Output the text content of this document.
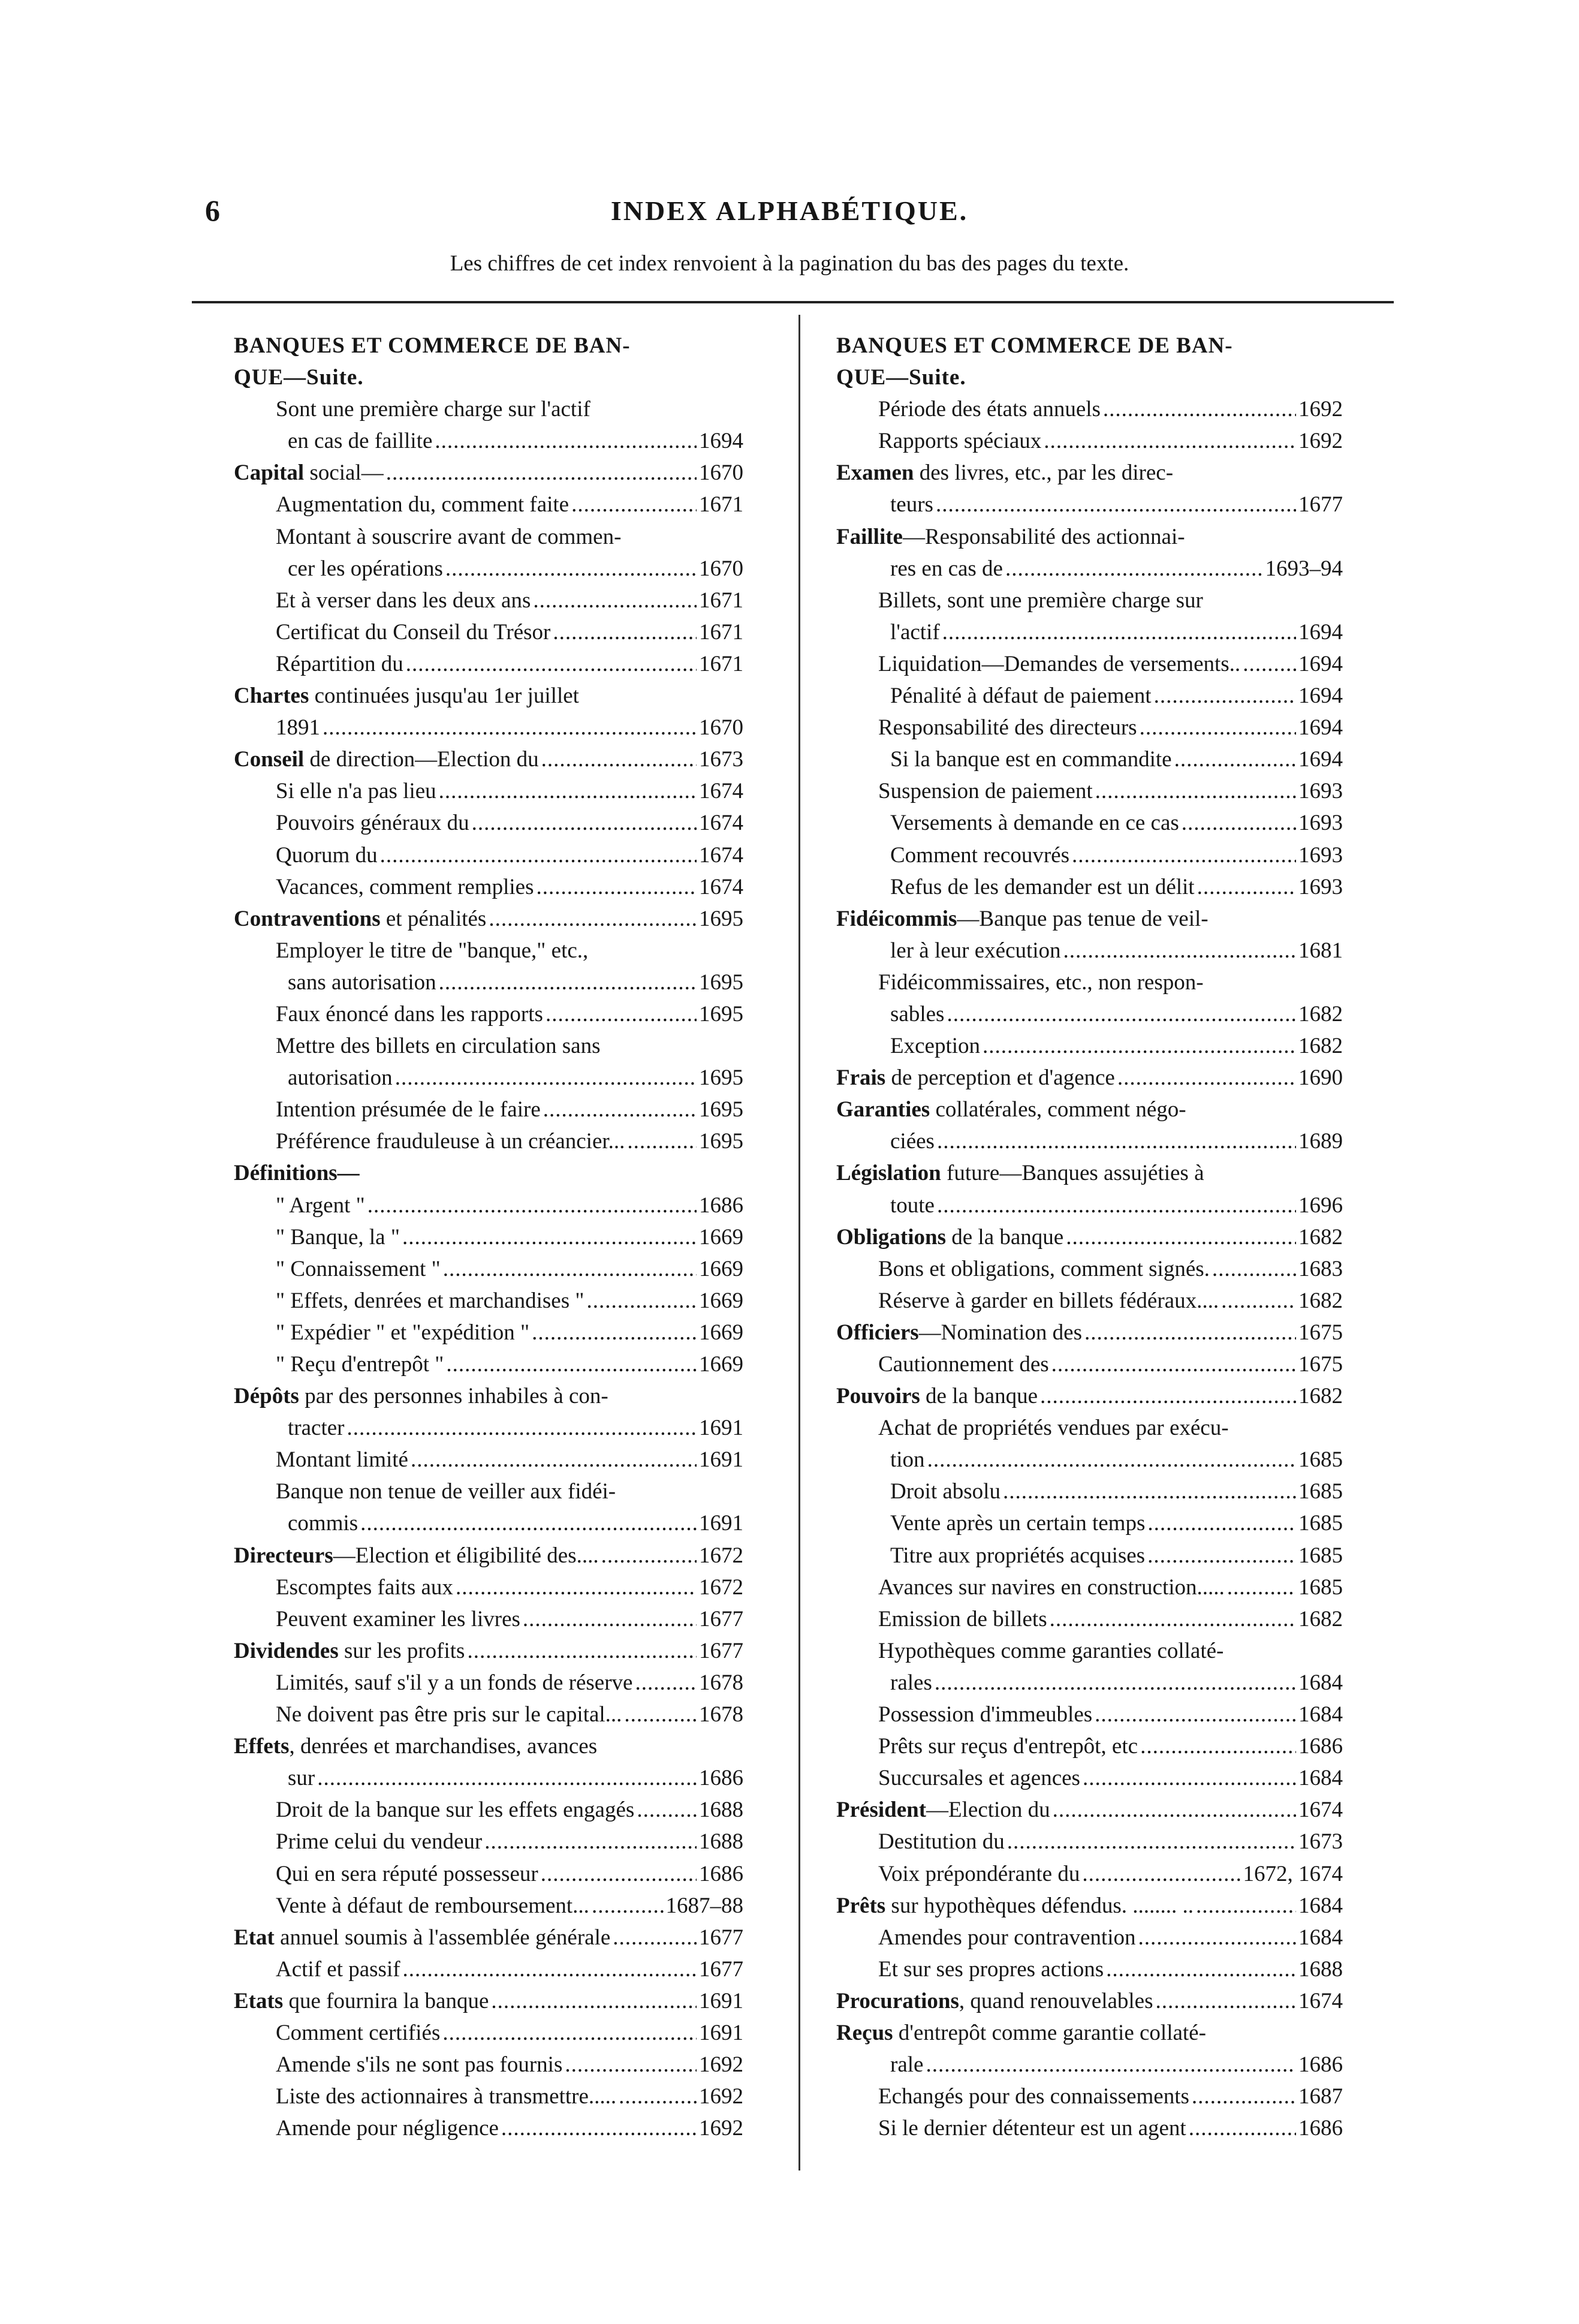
6	INDEX ALPHABÉTIQUE.
Les chiffres de cet index renvoient à la pagination du bas des pages du texte.
BANQUES ET COMMERCE DE BAN-
QUE—Suite.
Sont une première charge sur l'actif
en cas de faillite .....	1694
Capital social— .....	1670
Augmentation du, comment faite .....	1671
Montant à souscrire avant de commen-
cer les opérations .....	1670
Et à verser dans les deux ans .....	1671
Certificat du Conseil du Trésor .....	1671
Répartition du .....	1671
Chartes continuées jusqu'au 1er juillet
1891 .....	1670
Conseil de direction—Election du .....	1673
Si elle n'a pas lieu .....	1674
Pouvoirs généraux du .....	1674
Quorum du .....	1674
Vacances, comment remplies .....	1674
Contraventions et pénalités .....	1695
Employer le titre de "banque," etc.,
sans autorisation .....	1695
Faux énoncé dans les rapports .....	1695
Mettre des billets en circulation sans
autorisation .....	1695
Intention présumée de le faire .....	1695
Préférence frauduleuse à un créancier... .....	1695
Définitions—
" Argent " .....	1686
" Banque, la " .....	1669
" Connaissement " .....	1669
" Effets, denrées et marchandises " .....	1669
" Expédier " et "expédition " .....	1669
" Reçu d'entrepôt " .....	1669
Dépôts par des personnes inhabiles à con-
tracter .....	1691
Montant limité .....	1691
Banque non tenue de veiller aux fidéi-
commis .....	1691
Directeurs —Election et éligibilité des.... .....	1672
Escomptes faits aux .....	1672
Peuvent examiner les livres .....	1677
Dividendes sur les profits .....	1677
Limités, sauf s'il y a un fonds de réserve .....	1678
Ne doivent pas être pris sur le capital... .....	1678
Effets , denrées et marchandises, avances
sur .....	1686
Droit de la banque sur les effets engagés .....	1688
Prime celui du vendeur .....	1688
Qui en sera réputé possesseur .....	1686
Vente à défaut de remboursement... .....	1687–88
Etat annuel soumis à l'assemblée générale .....	1677
Actif et passif .....	1677
Etats que fournira la banque .....	1691
Comment certifiés .....	1691
Amende s'ils ne sont pas fournis .....	1692
Liste des actionnaires à transmettre..... .....	1692
Amende pour négligence .....	1692
BANQUES ET COMMERCE DE BAN-
QUE—Suite.
Période des états annuels .....	1692
Rapports spéciaux .....	1692
Examen des livres, etc., par les direc-
teurs .....	1677
Faillite —Responsabilité des actionnai-
res en cas de .....	1693–94
Billets, sont une première charge sur
l'actif .....	1694
Liquidation—Demandes de versements.. .....	1694
Pénalité à défaut de paiement .....	1694
Responsabilité des directeurs .....	1694
Si la banque est en commandite .....	1694
Suspension de paiement .....	1693
Versements à demande en ce cas .....	1693
Comment recouvrés .....	1693
Refus de les demander est un délit .....	1693
Fidéicommis —Banque pas tenue de veil-
ler à leur exécution .....	1681
Fidéicommissaires, etc., non respon-
sables .....	1682
Exception .....	1682
Frais de perception et d'agence .....	1690
Garanties collatérales, comment négo-
ciées .....	1689
Législation future—Banques assujéties à
toute .....	1696
Obligations de la banque .....	1682
Bons et obligations, comment signés. .....	1683
Réserve à garder en billets fédéraux.... .....	1682
Officiers —Nomination des .....	1675
Cautionnement des .....	1675
Pouvoirs de la banque .....	1682
Achat de propriétés vendues par exécu-
tion .....	1685
Droit absolu .....	1685
Vente après un certain temps .....	1685
Titre aux propriétés acquises .....	1685
Avances sur navires en construction..... .....	1685
Emission de billets .....	1682
Hypothèques comme garanties collaté-
rales .....	1684
Possession d'immeubles .....	1684
Prêts sur reçus d'entrepôt, etc .....	1686
Succursales et agences .....	1684
Président —Election du .....	1674
Destitution du .....	1673
Voix prépondérante du .....	1672, 1674
Prêts sur hypothèques défendus. ........ .. .....	1684
Amendes pour contravention .....	1684
Et sur ses propres actions .....	1688
Procurations , quand renouvelables .....	1674
Reçus d'entrepôt comme garantie collaté-
rale .....	1686
Echangés pour des connaissements .....	1687
Si le dernier détenteur est un agent .....	1686
